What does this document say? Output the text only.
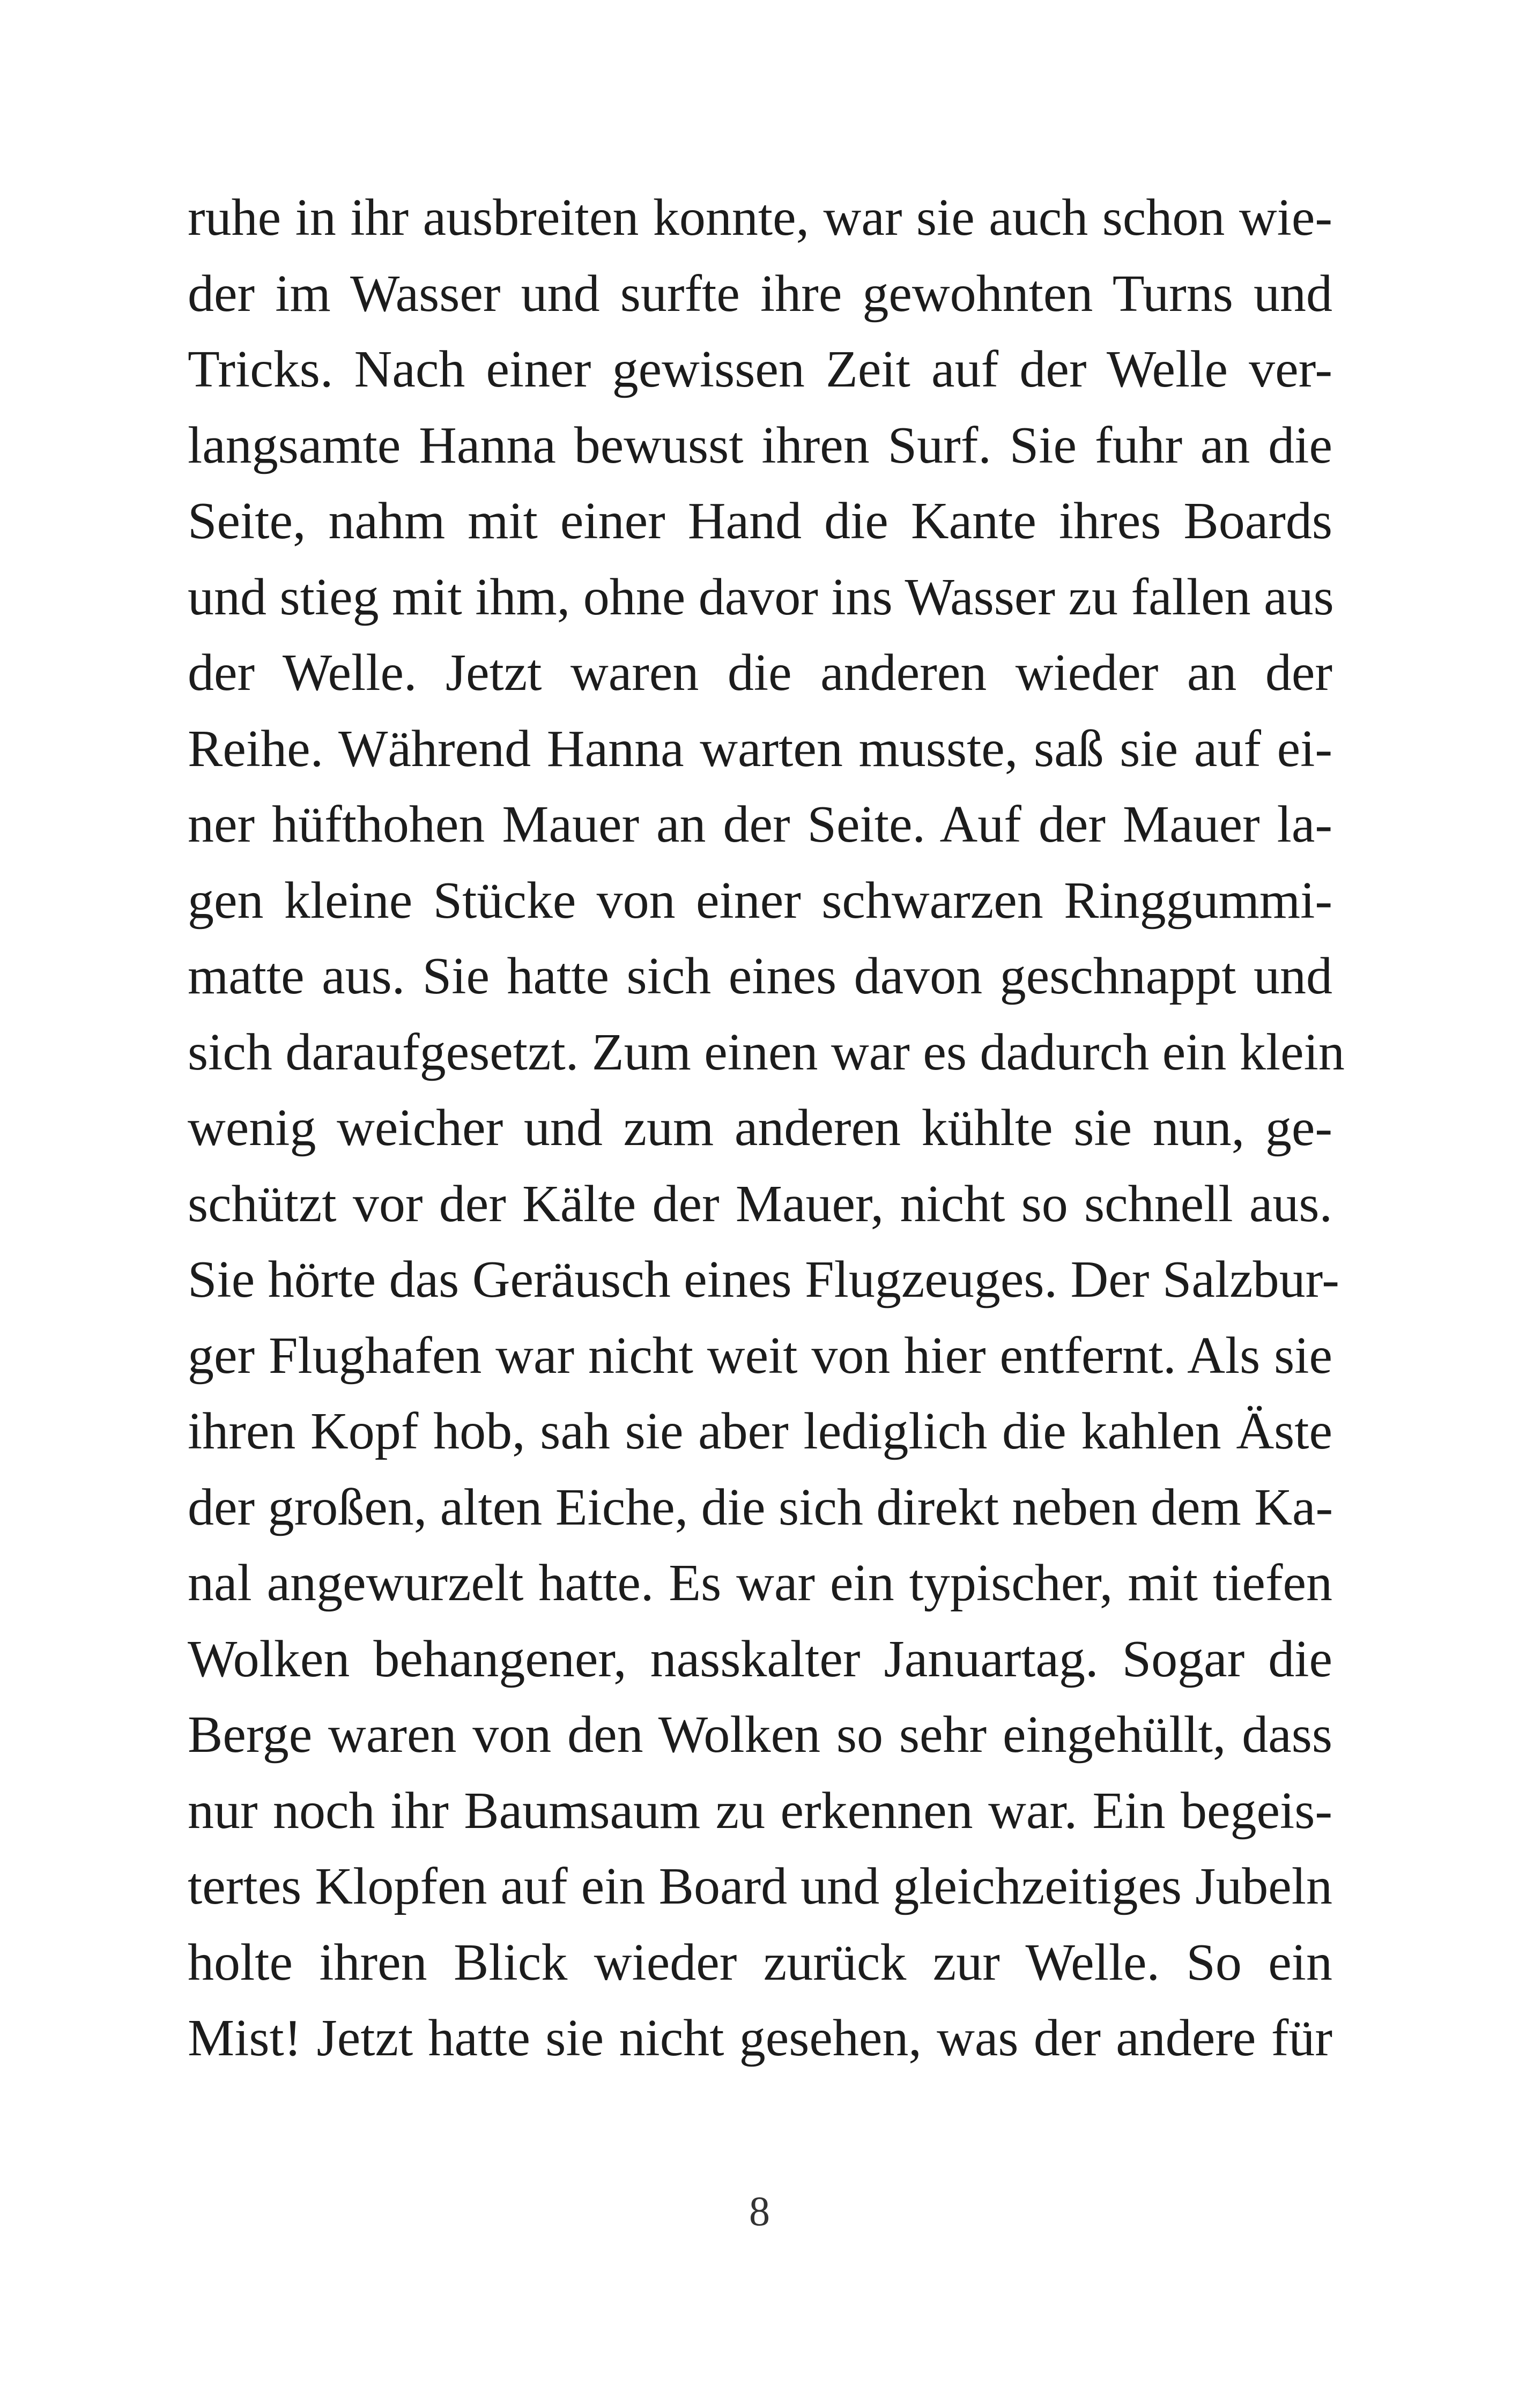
ruhe in ihr ausbreiten konnte, war sie auch schon wie-
der im Wasser und surfte ihre gewohnten Turns und
Tricks. Nach einer gewissen Zeit auf der Welle ver-
langsamte Hanna bewusst ihren Surf. Sie fuhr an die
Seite, nahm mit einer Hand die Kante ihres Boards
und stieg mit ihm, ohne davor ins Wasser zu fallen aus
der Welle. Jetzt waren die anderen wieder an der
Reihe. Während Hanna warten musste, saß sie auf ei-
ner hüfthohen Mauer an der Seite. Auf der Mauer la-
gen kleine Stücke von einer schwarzen Ringgummi-
matte aus. Sie hatte sich eines davon geschnappt und
sich daraufgesetzt. Zum einen war es dadurch ein klein
wenig weicher und zum anderen kühlte sie nun, ge-
schützt vor der Kälte der Mauer, nicht so schnell aus.
Sie hörte das Geräusch eines Flugzeuges. Der Salzbur-
ger Flughafen war nicht weit von hier entfernt. Als sie
ihren Kopf hob, sah sie aber lediglich die kahlen Äste
der großen, alten Eiche, die sich direkt neben dem Ka-
nal angewurzelt hatte. Es war ein typischer, mit tiefen
Wolken behangener, nasskalter Januartag. Sogar die
Berge waren von den Wolken so sehr eingehüllt, dass
nur noch ihr Baumsaum zu erkennen war. Ein begeis-
tertes Klopfen auf ein Board und gleichzeitiges Jubeln
holte ihren Blick wieder zurück zur Welle. So ein
Mist! Jetzt hatte sie nicht gesehen, was der andere für
8
